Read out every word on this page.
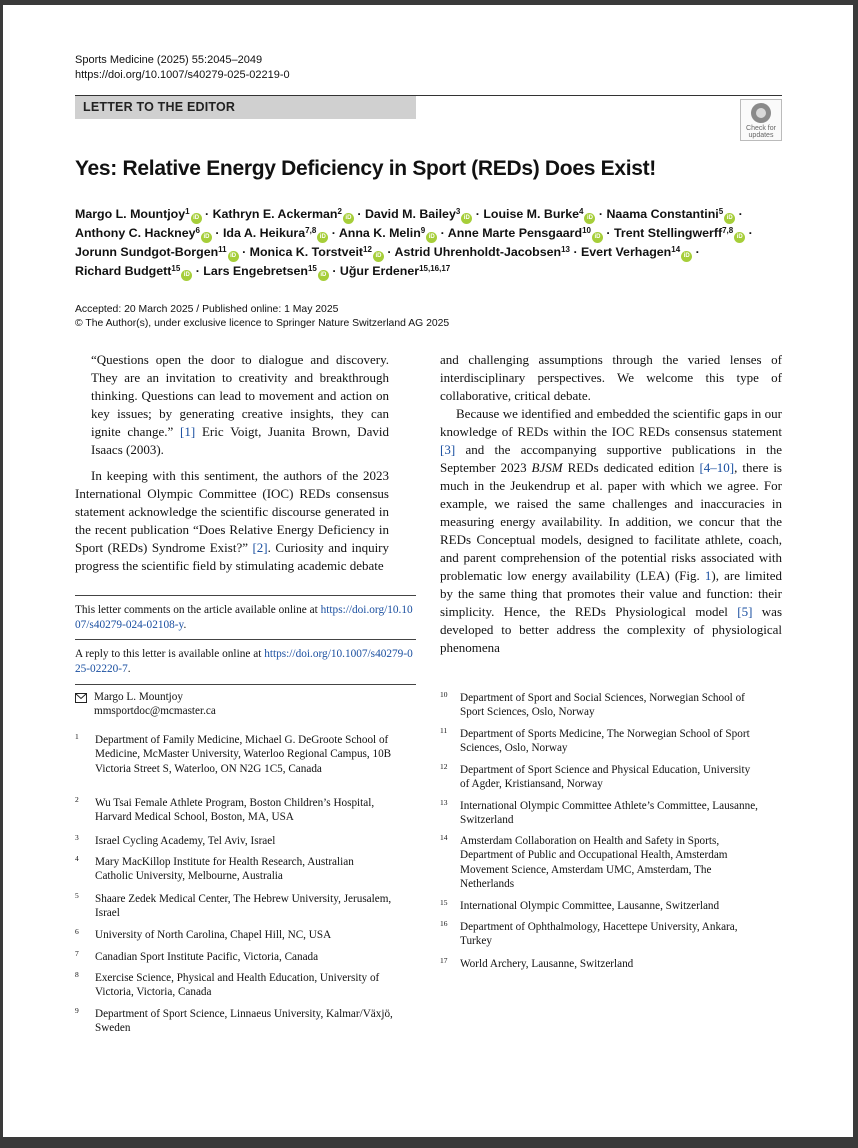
Sports Medicine (2025) 55:2045–2049
https://doi.org/10.1007/s40279-025-02219-0
LETTER TO THE EDITOR
Check for
updates
Yes: Relative Energy Deficiency in Sport (REDs) Does Exist!
Margo L. Mountjoy$^1$iD · Kathryn E. Ackerman$^2$iD · David M. Bailey$^3$iD · Louise M. Burke$^4$iD · Naama Constantini$^5$iD · Anthony C. Hackney$^6$iD · Ida A. Heikura$^{7,8}$iD · Anna K. Melin$^9$iD · Anne Marte Pensgaard$^{10}$iD · Trent Stellingwerff$^{7,8}$iD · Jorunn Sundgot-Borgen$^{11}$iD · Monica K. Torstveit$^{12}$iD · Astrid Uhrenholdt-Jacobsen$^{13}$ · Evert Verhagen$^{14}$iD · Richard Budgett$^{15}$iD · Lars Engebretsen$^{15}$iD · Uğur Erdener$^{15,16,17}$
Accepted: 20 March 2025 / Published online: 1 May 2025
© The Author(s), under exclusive licence to Springer Nature Switzerland AG 2025

“Questions open the door to dialogue and discovery. They are an invitation to creativity and breakthrough thinking. Questions can lead to movement and action on key issues; by generating creative insights, they can ignite change.” [1] Eric Voigt, Juanita Brown, David Isaacs (2003).

In keeping with this sentiment, the authors of the 2023 International Olympic Committee (IOC) REDs consensus statement acknowledge the scientific discourse generated in the recent publication “Does Relative Energy Deficiency in Sport (REDs) Syndrome Exist?” [2]. Curiosity and inquiry progress the scientific field by stimulating academic debate

and challenging assumptions through the varied lenses of interdisciplinary perspectives. We welcome this type of collaborative, critical debate.

Because we identified and embedded the scientific gaps in our knowledge of REDs within the IOC REDs consensus statement [3] and the accompanying supportive publications in the September 2023 BJSM REDs dedicated edition [4–10], there is much in the Jeukendrup et al. paper with which we agree. For example, we raised the same challenges and inaccuracies in measuring energy availability. In addition, we concur that the REDs Conceptual models, designed to facilitate athlete, coach, and parent comprehension of the potential risks associated with problematic low energy availability (LEA) (Fig. 1), are limited by the same thing that promotes their value and function: their simplicity. Hence, the REDs Physiological model [5] was developed to better address the complexity of physiological phenomena

This letter comments on the article available online at https://doi.org/10.1007/s40279-024-02108-y.

A reply to this letter is available online at https://doi.org/10.1007/s40279-025-02220-7.

Margo L. Mountjoy
mmsportdoc@mcmaster.ca
1 Department of Family Medicine, Michael G. DeGroote School of Medicine, McMaster University, Waterloo Regional Campus, 10B Victoria Street S, Waterloo, ON N2G 1C5, Canada
2 Wu Tsai Female Athlete Program, Boston Children’s Hospital, Harvard Medical School, Boston, MA, USA
3 Israel Cycling Academy, Tel Aviv, Israel
4 Mary MacKillop Institute for Health Research, Australian Catholic University, Melbourne, Australia
5 Shaare Zedek Medical Center, The Hebrew University, Jerusalem, Israel
6 University of North Carolina, Chapel Hill, NC, USA
7 Canadian Sport Institute Pacific, Victoria, Canada
8 Exercise Science, Physical and Health Education, University of Victoria, Victoria, Canada
9 Department of Sport Science, Linnaeus University, Kalmar/Växjö, Sweden
10 Department of Sport and Social Sciences, Norwegian School of Sport Sciences, Oslo, Norway
11 Department of Sports Medicine, The Norwegian School of Sport Sciences, Oslo, Norway
12 Department of Sport Science and Physical Education, University of Agder, Kristiansand, Norway
13 International Olympic Committee Athlete’s Committee, Lausanne, Switzerland
14 Amsterdam Collaboration on Health and Safety in Sports, Department of Public and Occupational Health, Amsterdam Movement Science, Amsterdam UMC, Amsterdam, The Netherlands
15 International Olympic Committee, Lausanne, Switzerland
16 Department of Ophthalmology, Hacettepe University, Ankara, Turkey
17 World Archery, Lausanne, Switzerland
